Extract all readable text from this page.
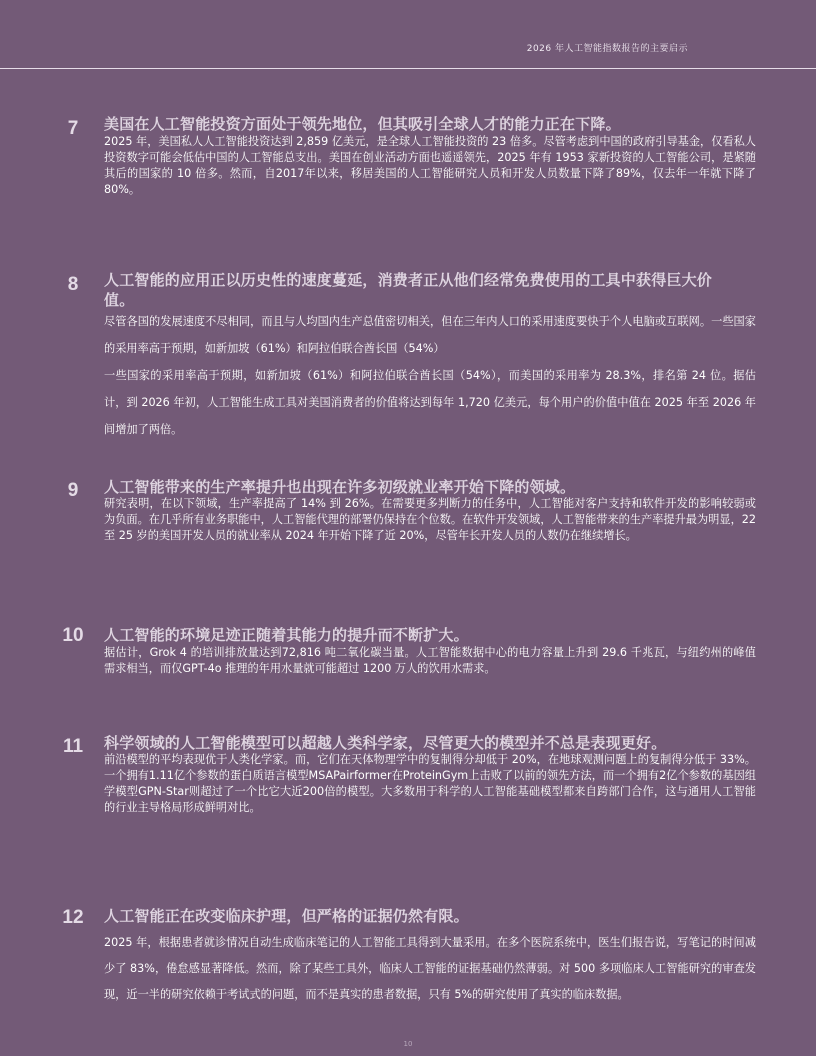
2026 年人工智能指数报告的主要启示
7	美国在人工智能投资方面处于领先地位，但其吸引全球人才的能力正在下降。
2025 年，美国私人人工智能投资达到 2,859 亿美元，是全球人工智能投资的 23 倍多。尽管考虑到中国的政府引导基金，仅看私人投资数字可能会低估中国的人工智能总支出。美国在创业活动方面也遥遥领先，2025 年有 1953 家新投资的人工智能公司，是紧随其后的国家的 10 倍多。然而，自2017年以来，移居美国的人工智能研究人员和开发人员数量下降了89%，仅去年一年就下降了80%。
8	人工智能的应用正以历史性的速度蔓延，消费者正从他们经常免费使用的工具中获得巨大价值。
尽管各国的发展速度不尽相同，而且与人均国内生产总值密切相关，但在三年内人口的采用速度要快于个人电脑或互联网。一些国家的采用率高于预期，如新加坡（61%）和阿拉伯联合酋长国（54%）
一些国家的采用率高于预期，如新加坡（61%）和阿拉伯联合酋长国（54%），而美国的采用率为 28.3%，排名第 24 位。据估计，到 2026 年初，人工智能生成工具对美国消费者的价值将达到每年 1,720 亿美元，每个用户的价值中值在 2025 年至 2026 年间增加了两倍。
9	人工智能带来的生产率提升也出现在许多初级就业率开始下降的领域。
研究表明，在以下领域，生产率提高了 14% 到 26%。在需要更多判断力的任务中，人工智能对客户支持和软件开发的影响较弱或为负面。在几乎所有业务职能中，人工智能代理的部署仍保持在个位数。在软件开发领域，人工智能带来的生产率提升最为明显，22 至 25 岁的美国开发人员的就业率从 2024 年开始下降了近 20%，尽管年长开发人员的人数仍在继续增长。
10	人工智能的环境足迹正随着其能力的提升而不断扩大。
据估计，Grok 4 的培训排放量达到72,816 吨二氧化碳当量。人工智能数据中心的电力容量上升到 29.6 千兆瓦，与纽约州的峰值需求相当，而仅GPT-4o 推理的年用水量就可能超过 1200 万人的饮用水需求。
11	科学领域的人工智能模型可以超越人类科学家，尽管更大的模型并不总是表现更好。
前沿模型的平均表现优于人类化学家。而，它们在天体物理学中的复制得分却低于 20%，在地球观测问题上的复制得分低于 33%。一个拥有1.11亿个参数的蛋白质语言模型MSAPairformer在ProteinGym上击败了以前的领先方法，而一个拥有2亿个参数的基因组学模型GPN-Star则超过了一个比它大近200倍的模型。大多数用于科学的人工智能基础模型都来自跨部门合作，这与通用人工智能的行业主导格局形成鲜明对比。
12	人工智能正在改变临床护理，但严格的证据仍然有限。
2025 年，根据患者就诊情况自动生成临床笔记的人工智能工具得到大量采用。在多个医院系统中，医生们报告说，写笔记的时间减少了 83%，倦怠感显著降低。然而，除了某些工具外，临床人工智能的证据基础仍然薄弱。对 500 多项临床人工智能研究的审查发现，近一半的研究依赖于考试式的问题，而不是真实的患者数据，只有 5%的研究使用了真实的临床数据。
10
